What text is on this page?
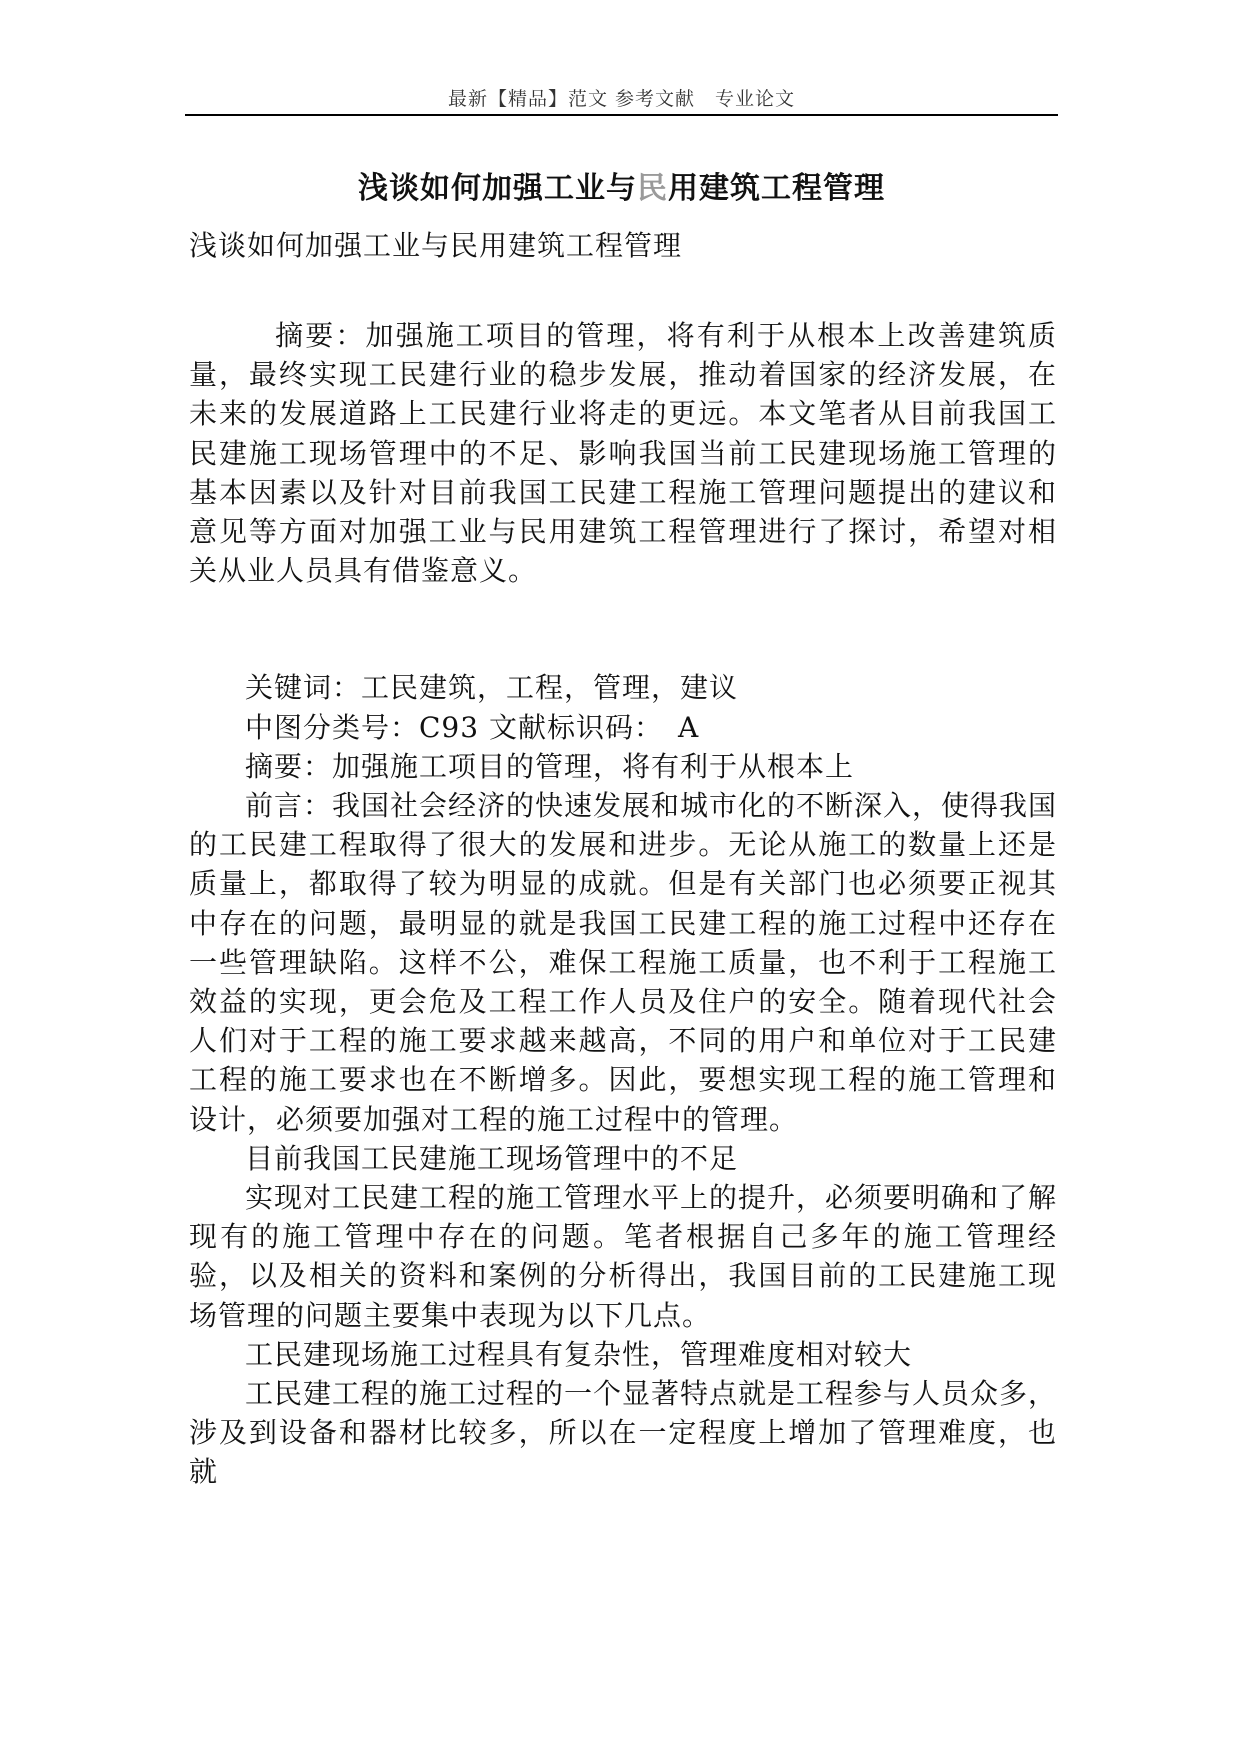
最新【精品】范文 参考文献　专业论文
浅谈如何加强工业与民用建筑工程管理
浅谈如何加强工业与民用建筑工程管理

　摘要：加强施工项目的管理，将有利于从根本上改善建筑质量，最终实现工民建行业的稳步发展，推动着国家的经济发展，在未来的发展道路上工民建行业将走的更远。本文笔者从目前我国工民建施工现场管理中的不足、影响我国当前工民建现场施工管理的基本因素以及针对目前我国工民建工程施工管理问题提出的建议和意见等方面对加强工业与民用建筑工程管理进行了探讨，希望对相关从业人员具有借鉴意义。

关键词：工民建筑，工程，管理，建议

中图分类号：C93 文献标识码：　A

摘要：加强施工项目的管理，将有利于从根本上

前言：我国社会经济的快速发展和城市化的不断深入，使得我国的工民建工程取得了很大的发展和进步。无论从施工的数量上还是质量上，都取得了较为明显的成就。但是有关部门也必须要正视其中存在的问题，最明显的就是我国工民建工程的施工过程中还存在一些管理缺陷。这样不公，难保工程施工质量，也不利于工程施工效益的实现，更会危及工程工作人员及住户的安全。随着现代社会人们对于工程的施工要求越来越高，不同的用户和单位对于工民建工程的施工要求也在不断增多。因此，要想实现工程的施工管理和设计，必须要加强对工程的施工过程中的管理。

目前我国工民建施工现场管理中的不足

实现对工民建工程的施工管理水平上的提升，必须要明确和了解现有的施工管理中存在的问题。笔者根据自己多年的施工管理经验，以及相关的资料和案例的分析得出，我国目前的工民建施工现场管理的问题主要集中表现为以下几点。

工民建现场施工过程具有复杂性，管理难度相对较大

工民建工程的施工过程的一个显著特点就是工程参与人员众多，涉及到设备和器材比较多，所以在一定程度上增加了管理难度，也就
